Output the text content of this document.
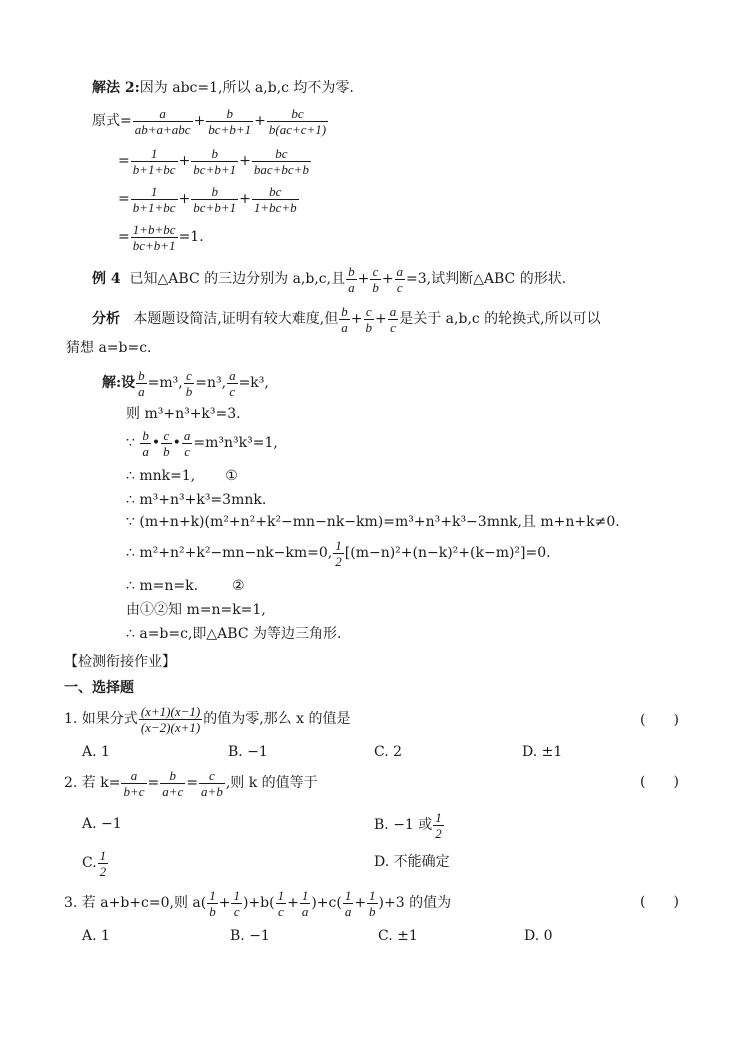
解法 2:因为 abc=1,所以 a,b,c 均不为零.
原式= $\frac{a}{\text{ab+a+abc}} + \frac{b}{bc+b+1} + \frac{bc}{b(ac+c+1)}$
= $\frac{1}{b+1+bc} + \frac{b}{bc+b+1} + \frac{bc}{\text{bac+bc+b}}$
= $\frac{1}{b+1+bc} + \frac{b}{bc+b+1} + \frac{bc}{1+bc+b}$
= $\frac{1+b+bc}{bc+b+1} =1$.
例 4 已知△ABC 的三边分别为 a,b,c,且 $\frac{b}{a} + \frac{c}{b} + \frac{a}{c} =3$,试判断△ABC 的形状.
分析 本题题设简洁,证明有较大难度,但 $\frac{b}{a} + \frac{c}{b} + \frac{a}{c}$ 是关于 a,b,c 的轮换式,所以可以
猜想 a=b=c.
解:设 $\frac{b}{a} =m^3$, $\frac{c}{b} =n^3$, $\frac{a}{c} =k^3$,
则 m³+n³+k³=3.
∵ $\frac{b}{a}$ • $\frac{c}{b}$ • $\frac{a}{c} =m^3n^3k^3=1$,
∴ mnk=1, ①
∴ m³+n³+k³=3mnk.
∵ (m+n+k)(m²+n²+k²−mn−nk−km)=m³+n³+k³−3mnk,且 m+n+k≠0.
∴ m²+n²+k²−mn−nk−km=0, $\frac{1}{2} [(m-n)^2+(n-k)^2+(k-m)^2]=0$.
∴ m=n=k. ②
由①②知 m=n=k=1,
∴ a=b=c,即△ABC 为等边三角形.
【检测衔接作业】
一、选择题
1. 如果分式 $\frac{(x+1)(x-1)}{(x-2)(x+1)}$ 的值为零,那么 x 的值是	(　　)
A. 1	B. −1	C. 2	D. ±1
2. 若 $k= \frac{a}{b+c} = \frac{b}{a+c} = \frac{c}{a+b}$ ,则 k 的值等于	(　　)
A. −1	B. −1 或 $\frac{1}{2}$
C. $\frac{1}{2}$	D. 不能确定
3. 若 a+b+c=0,则 $a( \frac{1}{b} + \frac{1}{c} )+b( \frac{1}{c} + \frac{1}{a} )+c( \frac{1}{a} + \frac{1}{b} )+3$ 的值为	(　　)
A. 1	B. −1	C. ±1	D. 0
